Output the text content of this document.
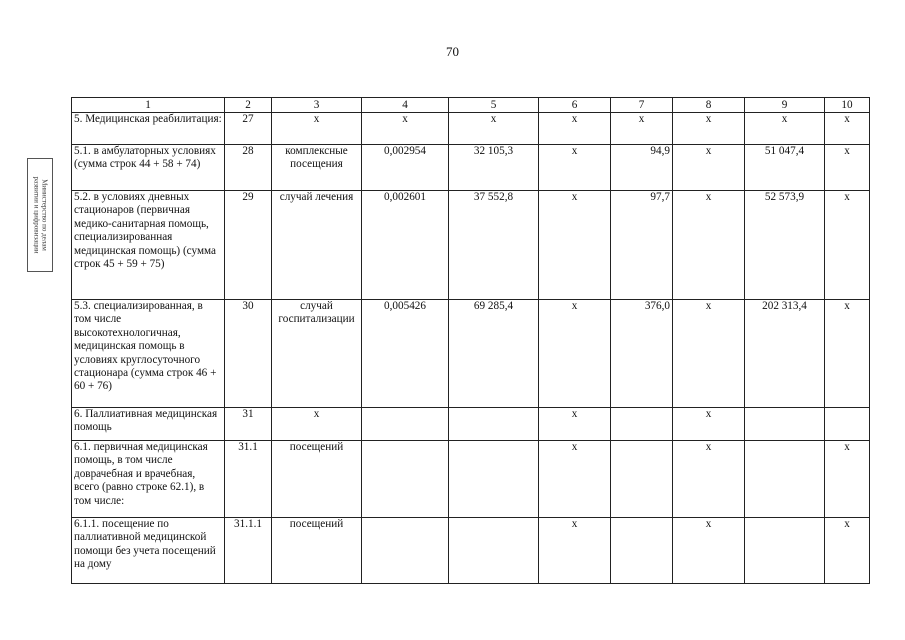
70
Министерство по делам
развития и цифровизации
1	2	3	4	5	6	7	8	9	10
5. Медицинская реабилитация:	27	х	х	х	х	х	х	х	х
5.1. в амбулаторных условиях (сумма строк 44 + 58 + 74)	28	комплексные посещения	0,002954	32 105,3	х	94,9	х	51 047,4	х
5.2. в условиях дневных стационаров (первичная медико-санитарная помощь, специализированная медицинская помощь) (сумма строк 45 + 59 + 75)	29	случай лечения	0,002601	37 552,8	х	97,7	х	52 573,9	х
5.3. специализированная, в том числе высокотехнологичная, медицинская помощь в условиях круглосуточного стационара (сумма строк 46 + 60 + 76)	30	случай госпитализации	0,005426	69 285,4	х	376,0	х	202 313,4	х
6. Паллиативная медицинская помощь	31	х			х		х		
6.1. первичная медицинская помощь, в том числе доврачебная и врачебная, всего (равно строке 62.1), в том числе:	31.1	посещений			х		х		х
6.1.1. посещение по паллиативной медицинской помощи без учета посещений на дому	31.1.1	посещений			х		х		х
